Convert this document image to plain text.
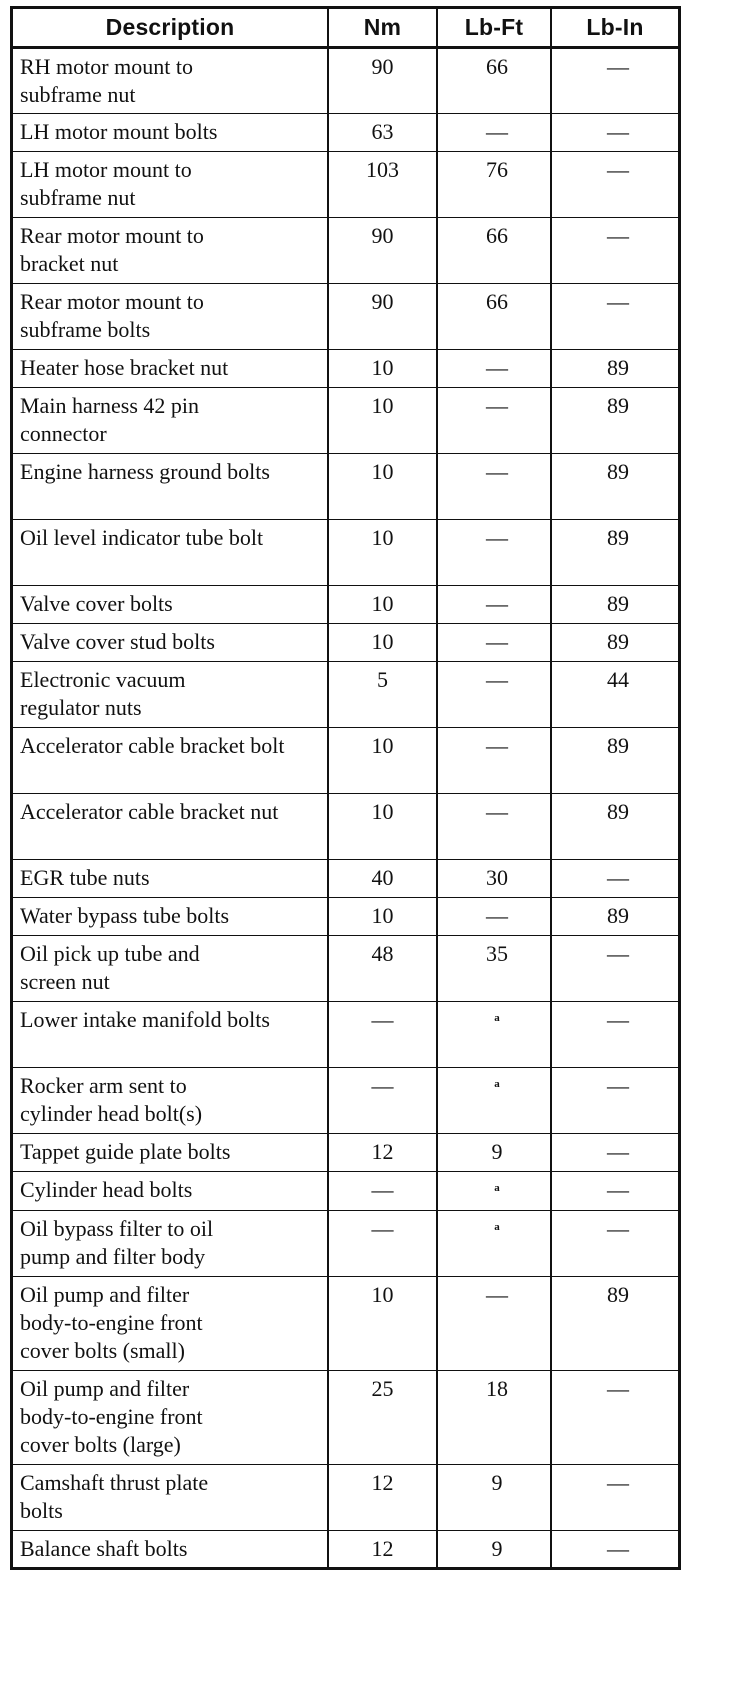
Description	Nm	Lb-Ft	Lb-In
RH motor mount to subframe nut	90	66	—
LH motor mount bolts	63	—	—
LH motor mount to subframe nut	103	76	—
Rear motor mount to bracket nut	90	66	—
Rear motor mount to subframe bolts	90	66	—
Heater hose bracket nut	10	—	89
Main harness 42 pin connector	10	—	89
Engine harness ground bolts	10	—	89
Oil level indicator tube bolt	10	—	89
Valve cover bolts	10	—	89
Valve cover stud bolts	10	—	89
Electronic vacuum regulator nuts	5	—	44
Accelerator cable bracket bolt	10	—	89
Accelerator cable bracket nut	10	—	89
EGR tube nuts	40	30	—
Water bypass tube bolts	10	—	89
Oil pick up tube and screen nut	48	35	—
Lower intake manifold bolts	—	a	—
Rocker arm sent to cylinder head bolt(s)	—	a	—
Tappet guide plate bolts	12	9	—
Cylinder head bolts	—	a	—
Oil bypass filter to oil pump and filter body	—	a	—
Oil pump and filter body-to-engine front cover bolts (small)	10	—	89
Oil pump and filter body-to-engine front cover bolts (large)	25	18	—
Camshaft thrust plate bolts	12	9	—
Balance shaft bolts	12	9	—
